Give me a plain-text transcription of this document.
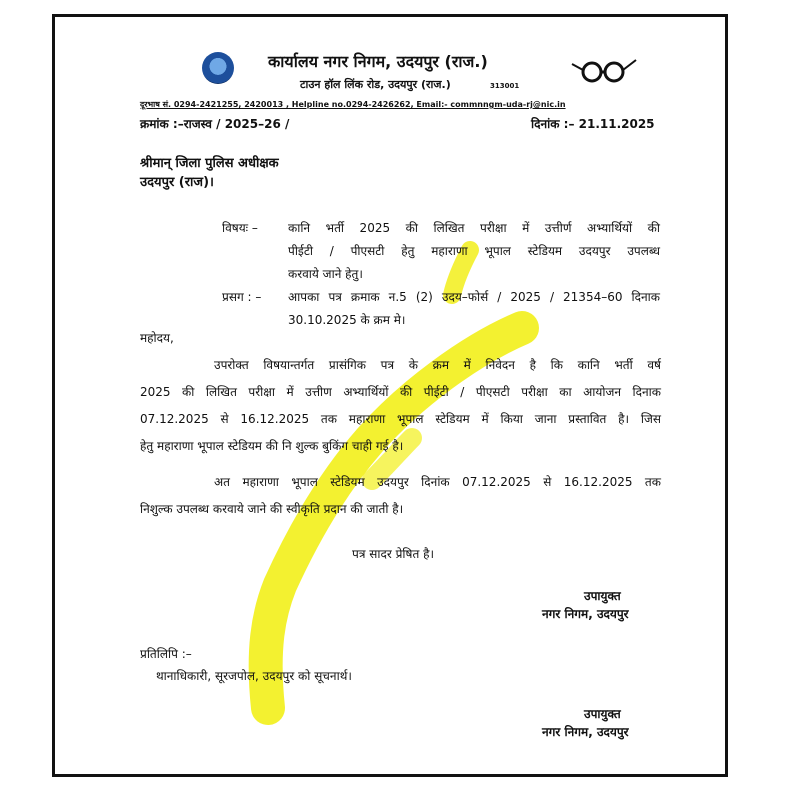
कार्यालय नगर निगम, उदयपुर (राज.)
टाउन हॉल लिंक रोड, उदयपुर (राज.)	313001
दूरभाष सं. 0294-2421255, 2420013 , Helpline no.0294-2426262, Email:- commnngm-uda-rj@nic.in
क्रमांक :–राजस्व / 2025–26 /	दिनांक :– 21.11.2025
श्रीमान् जिला पुलिस अधीक्षक
उदयपुर (राज)।
विषयः –	कानि भर्ती 2025 की लिखित परीक्षा में उत्तीर्ण अभ्यार्थियों की
पीईटी / पीएसटी हेतु महाराणा भूपाल स्टेडियम उदयपुर उपलब्ध
करवाये जाने हेतु।
प्रसग : – आपका पत्र क्रमाक न.5 (2) उदय–फोर्स / 2025 / 21354–60 दिनाक
30.10.2025 के क्रम मे।
महोदय,
उपरोक्त विषयान्तर्गत प्रासंगिक पत्र के क्रम में निवेदन है कि कानि भर्ती वर्ष
2025 की लिखित परीक्षा में उत्तीण अभ्यार्थियों की पीईटी / पीएसटी परीक्षा का आयोजन दिनाक
07.12.2025 से 16.12.2025 तक महाराणा भूपाल स्टेडियम में किया जाना प्रस्तावित है। जिस
हेतु महाराणा भूपाल स्टेडियम की नि शुल्क बुकिंग चाही गई है।
अत महाराणा भूपाल स्टेडियम उदयपुर दिनांक 07.12.2025 से 16.12.2025 तक
निशुल्क उपलब्ध करवाये जाने की स्वीकृति प्रदान की जाती है।
पत्र सादर प्रेषित है।
उपायुक्त
नगर निगम, उदयपुर
प्रतिलिपि :–
थानाधिकारी, सूरजपोल, उदयपुर को सूचनार्थ।
उपायुक्त
नगर निगम, उदयपुर
